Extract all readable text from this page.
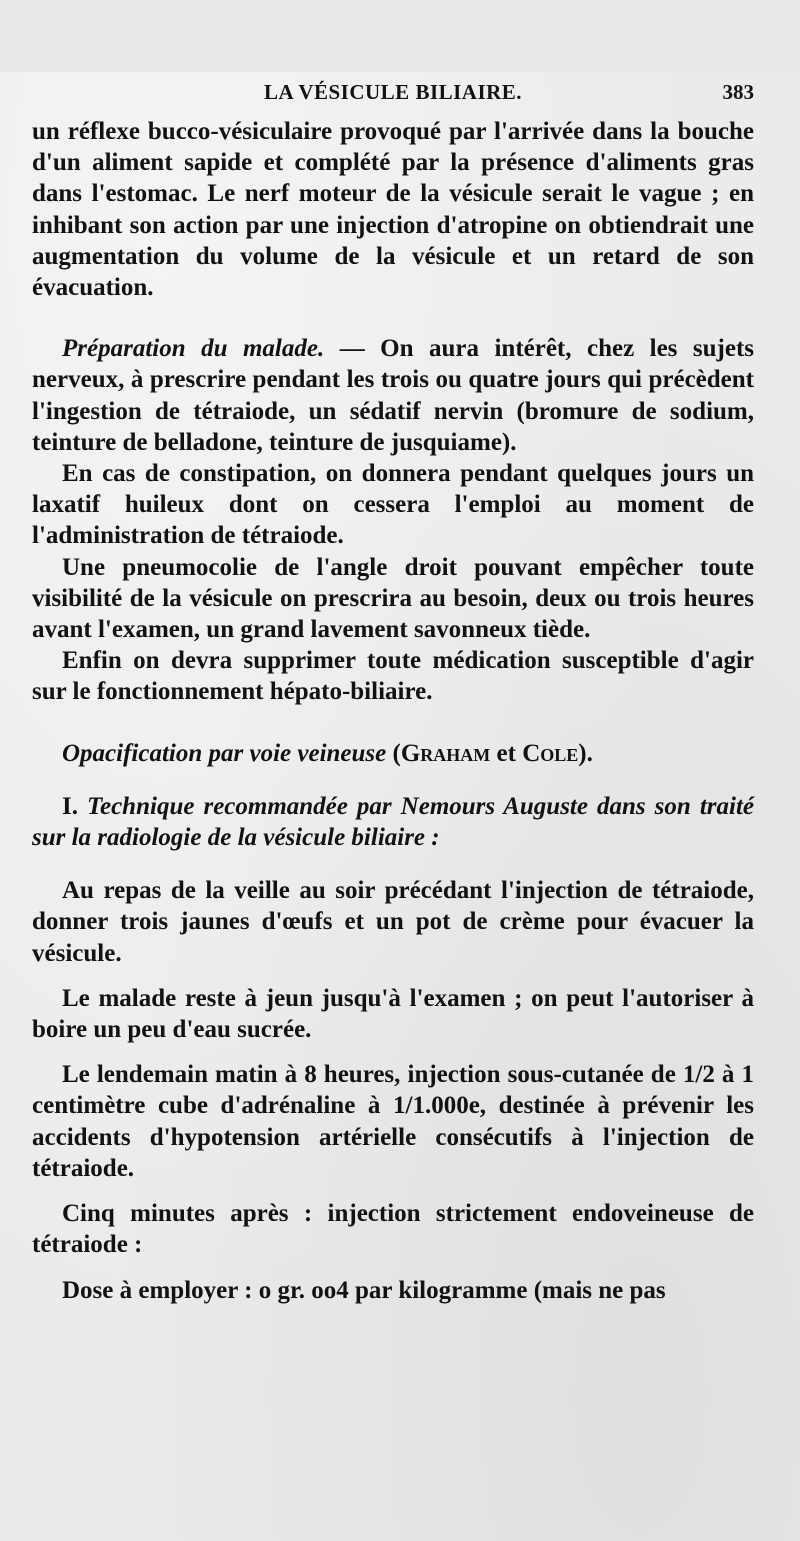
LA VÉSICULE BILIAIRE.	383

un réflexe bucco-vésiculaire provoqué par l'arrivée dans la bouche d'un aliment sapide et complété par la présence d'aliments gras dans l'estomac. Le nerf moteur de la vésicule serait le vague ; en inhibant son action par une injection d'atropine on obtiendrait une augmentation du volume de la vésicule et un retard de son évacuation.

Préparation du malade. — On aura intérêt, chez les sujets nerveux, à prescrire pendant les trois ou quatre jours qui précèdent l'ingestion de tétraiode, un sédatif nervin (bromure de sodium, teinture de belladone, teinture de jusquiame).

En cas de constipation, on donnera pendant quelques jours un laxatif huileux dont on cessera l'emploi au moment de l'administration de tétraiode.

Une pneumocolie de l'angle droit pouvant empêcher toute visibilité de la vésicule on prescrira au besoin, deux ou trois heures avant l'examen, un grand lavement savonneux tiède.

Enfin on devra supprimer toute médication susceptible d'agir sur le fonctionnement hépato-biliaire.

Opacification par voie veineuse (Graham et Cole).

I. Technique recommandée par Nemours Auguste dans son traité sur la radiologie de la vésicule biliaire :

Au repas de la veille au soir précédant l'injection de tétraiode, donner trois jaunes d'œufs et un pot de crème pour évacuer la vésicule.

Le malade reste à jeun jusqu'à l'examen ; on peut l'autoriser à boire un peu d'eau sucrée.

Le lendemain matin à 8 heures, injection sous-cutanée de 1/2 à 1 centimètre cube d'adrénaline à 1/1.000e, destinée à prévenir les accidents d'hypotension artérielle consécutifs à l'injection de tétraiode.

Cinq minutes après : injection strictement endoveineuse de tétraiode :

Dose à employer : o gr. oo4 par kilogramme (mais ne pas
